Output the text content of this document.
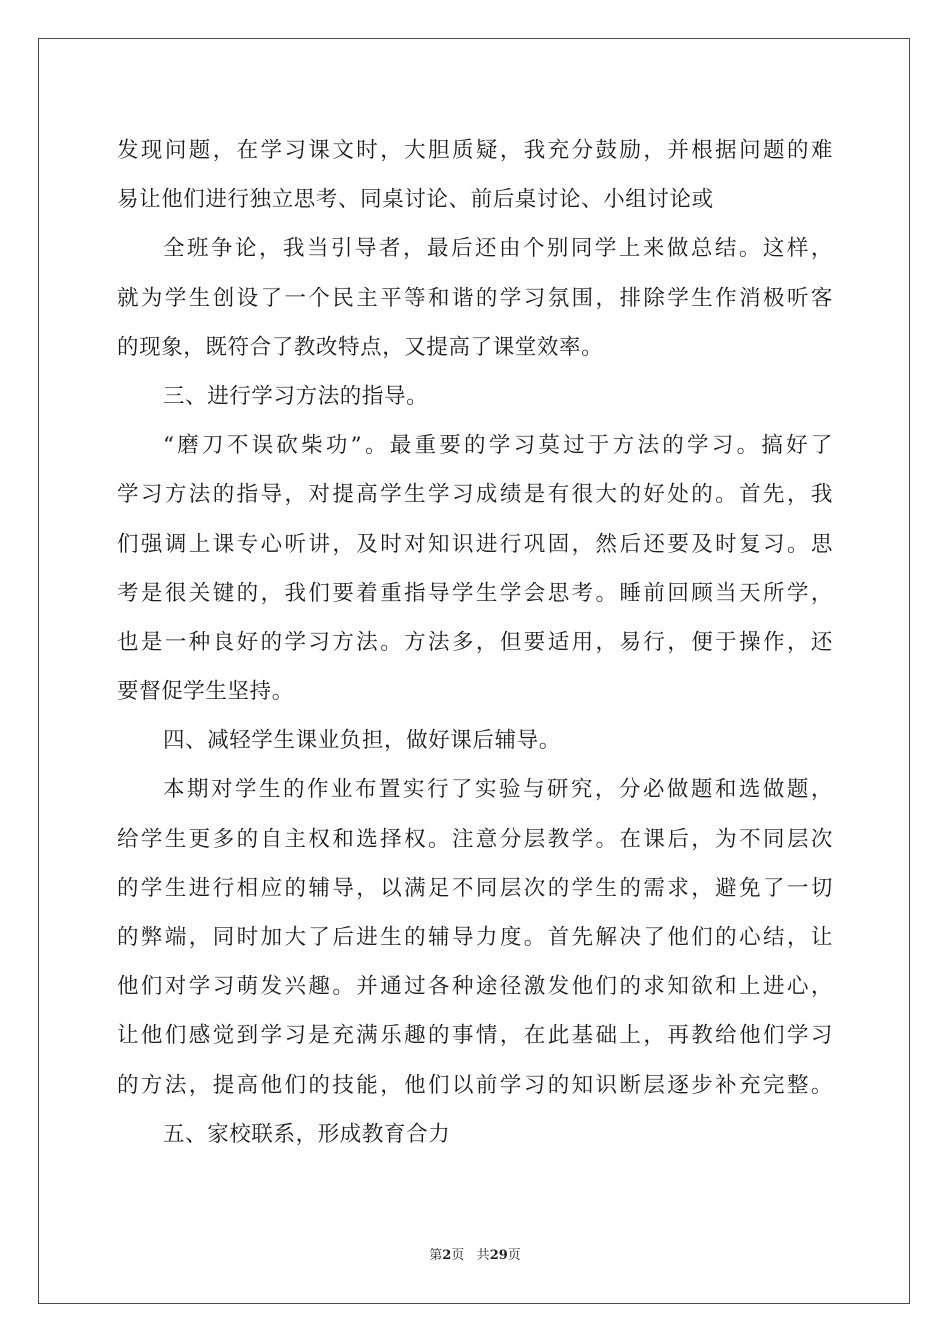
发现问题，在学习课文时，大胆质疑，我充分鼓励，并根据问题的难
易让他们进行独立思考、同桌讨论、前后桌讨论、小组讨论或
全班争论，我当引导者，最后还由个别同学上来做总结。这样，
就为学生创设了一个民主平等和谐的学习氛围，排除学生作消极听客
的现象，既符合了教改特点，又提高了课堂效率。
三、进行学习方法的指导。
“磨刀不误砍柴功”。最重要的学习莫过于方法的学习。搞好了
学习方法的指导，对提高学生学习成绩是有很大的好处的。首先，我
们强调上课专心听讲，及时对知识进行巩固，然后还要及时复习。思
考是很关键的，我们要着重指导学生学会思考。睡前回顾当天所学，
也是一种良好的学习方法。方法多，但要适用，易行，便于操作，还
要督促学生坚持。
四、减轻学生课业负担，做好课后辅导。
本期对学生的作业布置实行了实验与研究，分必做题和选做题，
给学生更多的自主权和选择权。注意分层教学。在课后，为不同层次
的学生进行相应的辅导，以满足不同层次的学生的需求，避免了一切
的弊端，同时加大了后进生的辅导力度。首先解决了他们的心结，让
他们对学习萌发兴趣。并通过各种途径激发他们的求知欲和上进心，
让他们感觉到学习是充满乐趣的事情，在此基础上，再教给他们学习
的方法，提高他们的技能，他们以前学习的知识断层逐步补充完整。
五、家校联系，形成教育合力
第2页 共29页
